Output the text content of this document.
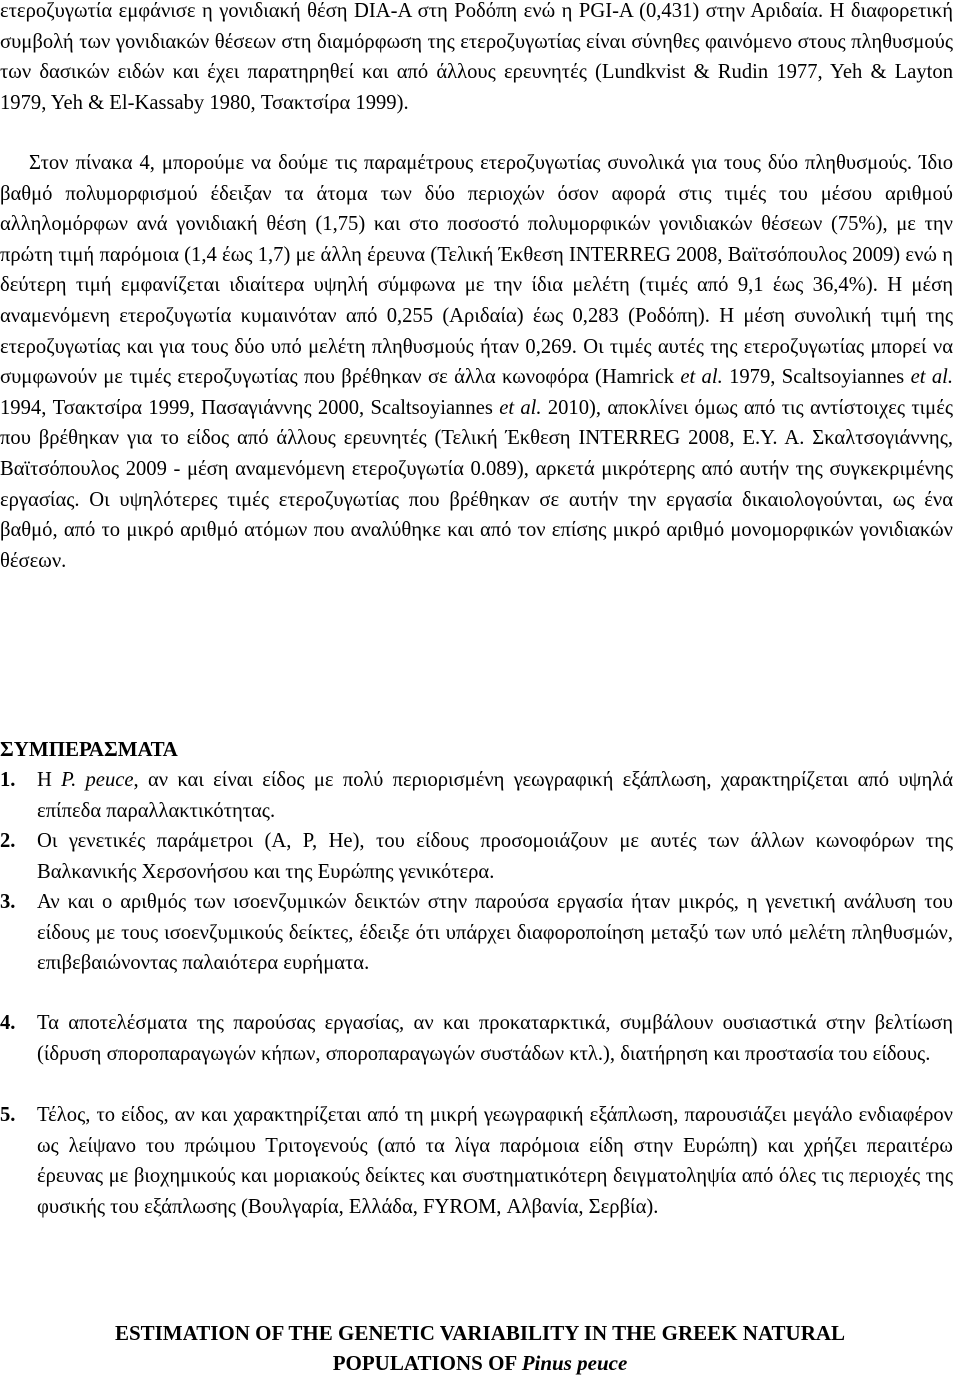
ετεροζυγωτία εμφάνισε η γονιδιακή θέση DIA-A στη Ροδόπη ενώ η PGI-A (0,431) στην Αριδαία. Η διαφορετική συμβολή των γονιδιακών θέσεων στη διαμόρφωση της ετεροζυγωτίας είναι σύνηθες φαινόμενο στους πληθυσμούς των δασικών ειδών και έχει παρατηρηθεί και από άλλους ερευνητές (Lundkvist & Rudin 1977, Yeh & Layton 1979, Yeh & El-Kassaby 1980, Τσακτσίρα 1999).

Στον πίνακα 4, μπορούμε να δούμε τις παραμέτρους ετεροζυγωτίας συνολικά για τους δύο πληθυσμούς. Ίδιο βαθμό πολυμορφισμού έδειξαν τα άτομα των δύο περιοχών όσον αφορά στις τιμές του μέσου αριθμού αλληλομόρφων ανά γονιδιακή θέση (1,75) και στο ποσοστό πολυμορφικών γονιδιακών θέσεων (75%), με την πρώτη τιμή παρόμοια (1,4 έως 1,7) με άλλη έρευνα (Τελική Έκθεση INTERREG 2008, Βαϊτσόπουλος 2009) ενώ η δεύτερη τιμή εμφανίζεται ιδιαίτερα υψηλή σύμφωνα με την ίδια μελέτη (τιμές από 9,1 έως 36,4%). Η μέση αναμενόμενη ετεροζυγωτία κυμαινόταν από 0,255 (Αριδαία) έως 0,283 (Ροδόπη). Η μέση συνολική τιμή της ετεροζυγωτίας και για τους δύο υπό μελέτη πληθυσμούς ήταν 0,269. Οι τιμές αυτές της ετεροζυγωτίας μπορεί να συμφωνούν με τιμές ετεροζυγωτίας που βρέθηκαν σε άλλα κωνοφόρα (Hamrick et al. 1979, Scaltsoyiannes et al. 1994, Τσακτσίρα 1999, Πασαγιάννης 2000, Scaltsoyiannes et al. 2010), αποκλίνει όμως από τις αντίστοιχες τιμές που βρέθηκαν για το είδος από άλλους ερευνητές (Τελική Έκθεση INTERREG 2008, Ε.Υ. Α. Σκαλτσογιάννης, Βαϊτσόπουλος 2009 - μέση αναμενόμενη ετεροζυγωτία 0.089), αρκετά μικρότερης από αυτήν της συγκεκριμένης εργασίας. Οι υψηλότερες τιμές ετεροζυγωτίας που βρέθηκαν σε αυτήν την εργασία δικαιολογούνται, ως ένα βαθμό, από το μικρό αριθμό ατόμων που αναλύθηκε και από τον επίσης μικρό αριθμό μονομορφικών γονιδιακών θέσεων.

ΣΥΜΠΕΡΑΣΜΑΤΑ
1.	Η P. peuce, αν και είναι είδος με πολύ περιορισμένη γεωγραφική εξάπλωση, χαρακτηρίζεται από υψηλά επίπεδα παραλλακτικότητας.
2.	Οι γενετικές παράμετροι (A, P, He), του είδους προσομοιάζουν με αυτές των άλλων κωνοφόρων της Βαλκανικής Χερσονήσου και της Ευρώπης γενικότερα.
3.	Αν και ο αριθμός των ισοενζυμικών δεικτών στην παρούσα εργασία ήταν μικρός, η γενετική ανάλυση του είδους με τους ισοενζυμικούς δείκτες, έδειξε ότι υπάρχει διαφοροποίηση μεταξύ των υπό μελέτη πληθυσμών, επιβεβαιώνοντας παλαιότερα ευρήματα.
4.	Τα αποτελέσματα της παρούσας εργασίας, αν και προκαταρκτικά, συμβάλουν ουσιαστικά στην βελτίωση (ίδρυση σποροπαραγωγών κήπων, σποροπαραγωγών συστάδων κτλ.), διατήρηση και προστασία του είδους.
5.	Τέλος, το είδος, αν και χαρακτηρίζεται από τη μικρή γεωγραφική εξάπλωση, παρουσιάζει μεγάλο ενδιαφέρον ως λείψανο του πρώιμου Τριτογενούς (από τα λίγα παρόμοια είδη στην Ευρώπη) και χρήζει περαιτέρω έρευνας με βιοχημικούς και μοριακούς δείκτες και συστηματικότερη δειγματοληψία από όλες τις περιοχές της φυσικής του εξάπλωσης (Βουλγαρία, Ελλάδα, FYROM, Αλβανία, Σερβία).
ESTIMATION OF THE GENETIC VARIABILITY IN THE GREEK NATURAL
POPULATIONS OF Pinus peuce
